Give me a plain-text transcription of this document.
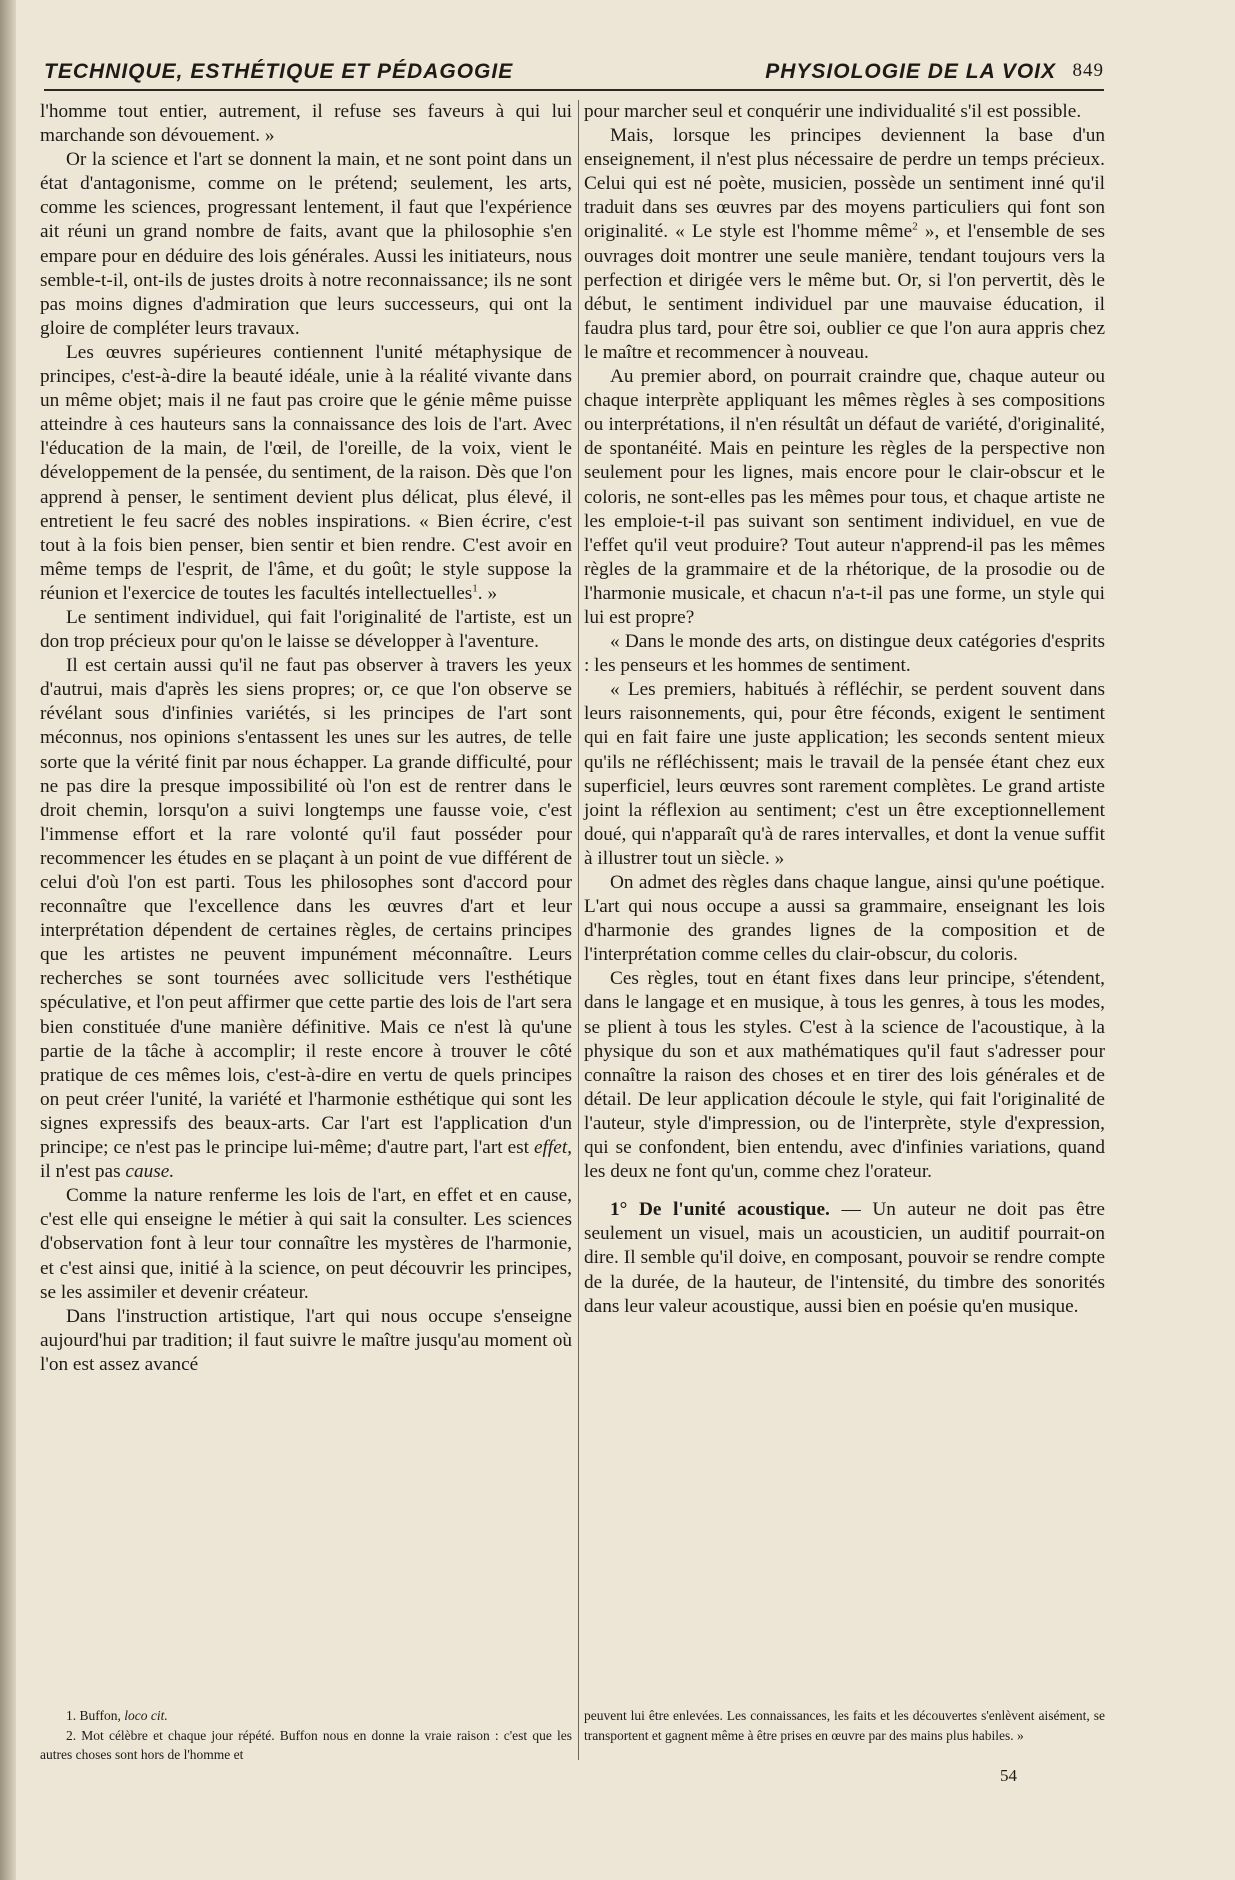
TECHNIQUE, ESTHÉTIQUE ET PÉDAGOGIE	PHYSIOLOGIE DE LA VOIX 849

l'homme tout entier, autrement, il refuse ses faveurs à qui lui marchande son dévouement. »

Or la science et l'art se donnent la main, et ne sont point dans un état d'antagonisme, comme on le prétend; seulement, les arts, comme les sciences, progressant lentement, il faut que l'expérience ait réuni un grand nombre de faits, avant que la philosophie s'en empare pour en déduire des lois générales. Aussi les initiateurs, nous semble-t-il, ont-ils de justes droits à notre reconnaissance; ils ne sont pas moins dignes d'admiration que leurs successeurs, qui ont la gloire de compléter leurs travaux.

Les œuvres supérieures contiennent l'unité métaphysique de principes, c'est-à-dire la beauté idéale, unie à la réalité vivante dans un même objet; mais il ne faut pas croire que le génie même puisse atteindre à ces hauteurs sans la connaissance des lois de l'art. Avec l'éducation de la main, de l'œil, de l'oreille, de la voix, vient le développement de la pensée, du sentiment, de la raison. Dès que l'on apprend à penser, le sentiment devient plus délicat, plus élevé, il entretient le feu sacré des nobles inspirations. « Bien écrire, c'est tout à la fois bien penser, bien sentir et bien rendre. C'est avoir en même temps de l'esprit, de l'âme, et du goût; le style suppose la réunion et l'exercice de toutes les facultés intellectuelles$^1$. »

Le sentiment individuel, qui fait l'originalité de l'artiste, est un don trop précieux pour qu'on le laisse se développer à l'aventure.

Il est certain aussi qu'il ne faut pas observer à travers les yeux d'autrui, mais d'après les siens propres; or, ce que l'on observe se révélant sous d'infinies variétés, si les principes de l'art sont méconnus, nos opinions s'entassent les unes sur les autres, de telle sorte que la vérité finit par nous échapper. La grande difficulté, pour ne pas dire la presque impossibilité où l'on est de rentrer dans le droit chemin, lorsqu'on a suivi longtemps une fausse voie, c'est l'immense effort et la rare volonté qu'il faut posséder pour recommencer les études en se plaçant à un point de vue différent de celui d'où l'on est parti. Tous les philosophes sont d'accord pour reconnaître que l'excellence dans les œuvres d'art et leur interprétation dépendent de certaines règles, de certains principes que les artistes ne peuvent impunément méconnaître. Leurs recherches se sont tournées avec sollicitude vers l'esthétique spéculative, et l'on peut affirmer que cette partie des lois de l'art sera bien constituée d'une manière définitive. Mais ce n'est là qu'une partie de la tâche à accomplir; il reste encore à trouver le côté pratique de ces mêmes lois, c'est-à-dire en vertu de quels principes on peut créer l'unité, la variété et l'harmonie esthétique qui sont les signes expressifs des beaux-arts. Car l'art est l'application d'un principe; ce n'est pas le principe lui-même; d'autre part, l'art est effet, il n'est pas cause.

Comme la nature renferme les lois de l'art, en effet et en cause, c'est elle qui enseigne le métier à qui sait la consulter. Les sciences d'observation font à leur tour connaître les mystères de l'harmonie, et c'est ainsi que, initié à la science, on peut découvrir les principes, se les assimiler et devenir créateur.

Dans l'instruction artistique, l'art qui nous occupe s'enseigne aujourd'hui par tradition; il faut suivre le maître jusqu'au moment où l'on est assez avancé

pour marcher seul et conquérir une individualité s'il est possible.

Mais, lorsque les principes deviennent la base d'un enseignement, il n'est plus nécessaire de perdre un temps précieux. Celui qui est né poète, musicien, possède un sentiment inné qu'il traduit dans ses œuvres par des moyens particuliers qui font son originalité. « Le style est l'homme même$^2$ », et l'ensemble de ses ouvrages doit montrer une seule manière, tendant toujours vers la perfection et dirigée vers le même but. Or, si l'on pervertit, dès le début, le sentiment individuel par une mauvaise éducation, il faudra plus tard, pour être soi, oublier ce que l'on aura appris chez le maître et recommencer à nouveau.

Au premier abord, on pourrait craindre que, chaque auteur ou chaque interprète appliquant les mêmes règles à ses compositions ou interprétations, il n'en résultât un défaut de variété, d'originalité, de spontanéité. Mais en peinture les règles de la perspective non seulement pour les lignes, mais encore pour le clair-obscur et le coloris, ne sont-elles pas les mêmes pour tous, et chaque artiste ne les emploie-t-il pas suivant son sentiment individuel, en vue de l'effet qu'il veut produire? Tout auteur n'apprend-il pas les mêmes règles de la grammaire et de la rhétorique, de la prosodie ou de l'harmonie musicale, et chacun n'a-t-il pas une forme, un style qui lui est propre?

« Dans le monde des arts, on distingue deux catégories d'esprits : les penseurs et les hommes de sentiment.

« Les premiers, habitués à réfléchir, se perdent souvent dans leurs raisonnements, qui, pour être féconds, exigent le sentiment qui en fait faire une juste application; les seconds sentent mieux qu'ils ne réfléchissent; mais le travail de la pensée étant chez eux superficiel, leurs œuvres sont rarement complètes. Le grand artiste joint la réflexion au sentiment; c'est un être exceptionnellement doué, qui n'apparaît qu'à de rares intervalles, et dont la venue suffit à illustrer tout un siècle. »

On admet des règles dans chaque langue, ainsi qu'une poétique. L'art qui nous occupe a aussi sa grammaire, enseignant les lois d'harmonie des grandes lignes de la composition et de l'interprétation comme celles du clair-obscur, du coloris.

Ces règles, tout en étant fixes dans leur principe, s'étendent, dans le langage et en musique, à tous les genres, à tous les modes, se plient à tous les styles. C'est à la science de l'acoustique, à la physique du son et aux mathématiques qu'il faut s'adresser pour connaître la raison des choses et en tirer des lois générales et de détail. De leur application découle le style, qui fait l'originalité de l'auteur, style d'impression, ou de l'interprète, style d'expression, qui se confondent, bien entendu, avec d'infinies variations, quand les deux ne font qu'un, comme chez l'orateur.

1° De l'unité acoustique. — Un auteur ne doit pas être seulement un visuel, mais un acousticien, un auditif pourrait-on dire. Il semble qu'il doive, en composant, pouvoir se rendre compte de la durée, de la hauteur, de l'intensité, du timbre des sonorités dans leur valeur acoustique, aussi bien en poésie qu'en musique.

1. Buffon, loco cit.

2. Mot célèbre et chaque jour répété. Buffon nous en donne la vraie raison : c'est que les autres choses sont hors de l'homme et

peuvent lui être enlevées. Les connaissances, les faits et les découvertes s'enlèvent aisément, se transportent et gagnent même à être prises en œuvre par des mains plus habiles. »

54
